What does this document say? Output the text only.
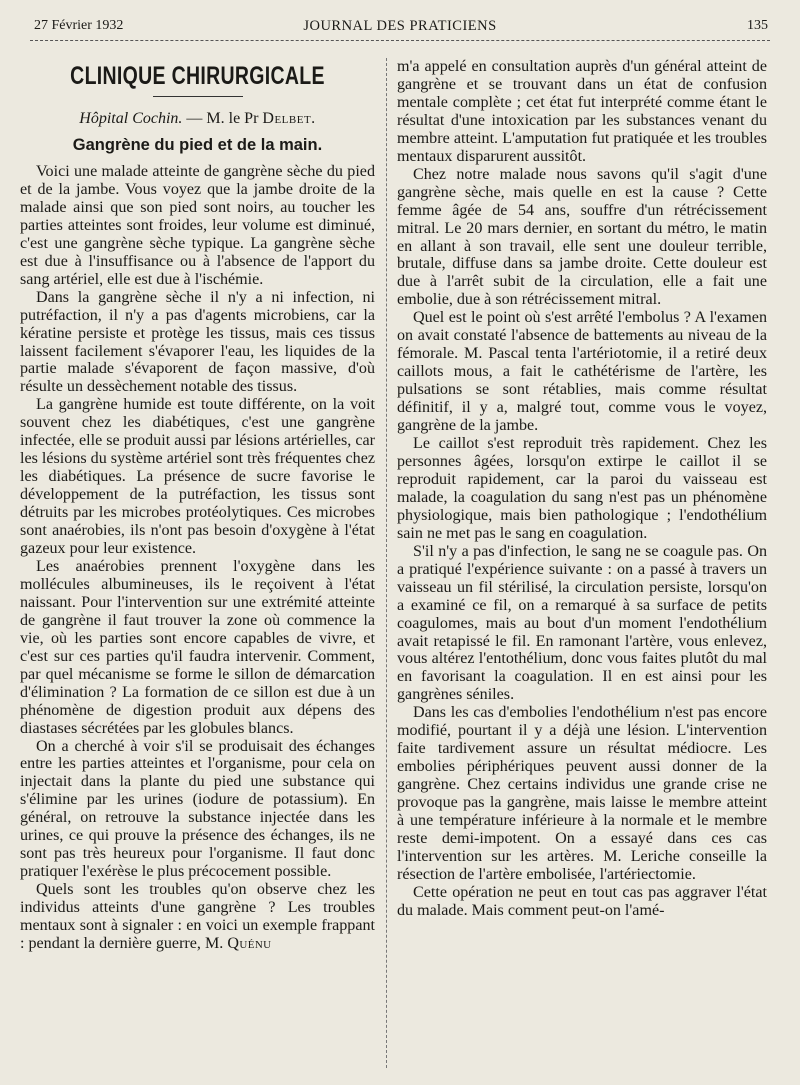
27 Février 1932	JOURNAL DES PRATICIENS	135
CLINIQUE CHIRURGICALE
Hôpital Cochin. — M. le Pr Delbet.
Gangrène du pied et de la main.

Voici une malade atteinte de gangrène sèche du pied et de la jambe. Vous voyez que la jambe droite de la malade ainsi que son pied sont noirs, au toucher les parties atteintes sont froides, leur volume est diminué, c'est une gangrène sèche typique. La gangrène sèche est due à l'insuffisance ou à l'absence de l'apport du sang artériel, elle est due à l'ischémie.

Dans la gangrène sèche il n'y a ni infection, ni putréfaction, il n'y a pas d'agents microbiens, car la kératine persiste et protège les tissus, mais ces tissus laissent facilement s'évaporer l'eau, les liquides de la partie malade s'évaporent de façon massive, d'où résulte un dessèchement notable des tissus.

La gangrène humide est toute différente, on la voit souvent chez les diabétiques, c'est une gangrène infectée, elle se produit aussi par lésions artérielles, car les lésions du système artériel sont très fréquentes chez les diabétiques. La présence de sucre favorise le développement de la putréfaction, les tissus sont détruits par les microbes protéolytiques. Ces microbes sont anaérobies, ils n'ont pas besoin d'oxygène à l'état gazeux pour leur existence.

Les anaérobies prennent l'oxygène dans les mollécules albumineuses, ils le reçoivent à l'état naissant. Pour l'intervention sur une extrémité atteinte de gangrène il faut trouver la zone où commence la vie, où les parties sont encore capables de vivre, et c'est sur ces parties qu'il faudra intervenir. Comment, par quel mécanisme se forme le sillon de démarcation d'élimination ? La formation de ce sillon est due à un phénomène de digestion produit aux dépens des diastases sécrétées par les globules blancs.

On a cherché à voir s'il se produisait des échanges entre les parties atteintes et l'organisme, pour cela on injectait dans la plante du pied une substance qui s'élimine par les urines (iodure de potassium). En général, on retrouve la substance injectée dans les urines, ce qui prouve la présence des échanges, ils ne sont pas très heureux pour l'organisme. Il faut donc pratiquer l'exérèse le plus précocement possible.

Quels sont les troubles qu'on observe chez les individus atteints d'une gangrène ? Les troubles mentaux sont à signaler : en voici un exemple frappant : pendant la dernière guerre, M. Quénu

m'a appelé en consultation auprès d'un général atteint de gangrène et se trouvant dans un état de confusion mentale complète ; cet état fut interprété comme étant le résultat d'une intoxication par les substances venant du membre atteint. L'amputation fut pratiquée et les troubles mentaux disparurent aussitôt.

Chez notre malade nous savons qu'il s'agit d'une gangrène sèche, mais quelle en est la cause ? Cette femme âgée de 54 ans, souffre d'un rétrécissement mitral. Le 20 mars dernier, en sortant du métro, le matin en allant à son travail, elle sent une douleur terrible, brutale, diffuse dans sa jambe droite. Cette douleur est due à l'arrêt subit de la circulation, elle a fait une embolie, due à son rétrécissement mitral.

Quel est le point où s'est arrêté l'embolus ? A l'examen on avait constaté l'absence de battements au niveau de la fémorale. M. Pascal tenta l'artériotomie, il a retiré deux caillots mous, a fait le cathétérisme de l'artère, les pulsations se sont rétablies, mais comme résultat définitif, il y a, malgré tout, comme vous le voyez, gangrène de la jambe.

Le caillot s'est reproduit très rapidement. Chez les personnes âgées, lorsqu'on extirpe le caillot il se reproduit rapidement, car la paroi du vaisseau est malade, la coagulation du sang n'est pas un phénomène physiologique, mais bien pathologique ; l'endothélium sain ne met pas le sang en coagulation.

S'il n'y a pas d'infection, le sang ne se coagule pas. On a pratiqué l'expérience suivante : on a passé à travers un vaisseau un fil stérilisé, la circulation persiste, lorsqu'on a examiné ce fil, on a remarqué à sa surface de petits coagulomes, mais au bout d'un moment l'endothélium avait retapissé le fil. En ramonant l'artère, vous enlevez, vous altérez l'entothélium, donc vous faites plutôt du mal en favorisant la coagulation. Il en est ainsi pour les gangrènes séniles.

Dans les cas d'embolies l'endothélium n'est pas encore modifié, pourtant il y a déjà une lésion. L'intervention faite tardivement assure un résultat médiocre. Les embolies périphériques peuvent aussi donner de la gangrène. Chez certains individus une grande crise ne provoque pas la gangrène, mais laisse le membre atteint à une température inférieure à la normale et le membre reste demi-impotent. On a essayé dans ces cas l'intervention sur les artères. M. Leriche conseille la résection de l'artère embolisée, l'artériectomie.

Cette opération ne peut en tout cas pas aggraver l'état du malade. Mais comment peut-on l'amé-
